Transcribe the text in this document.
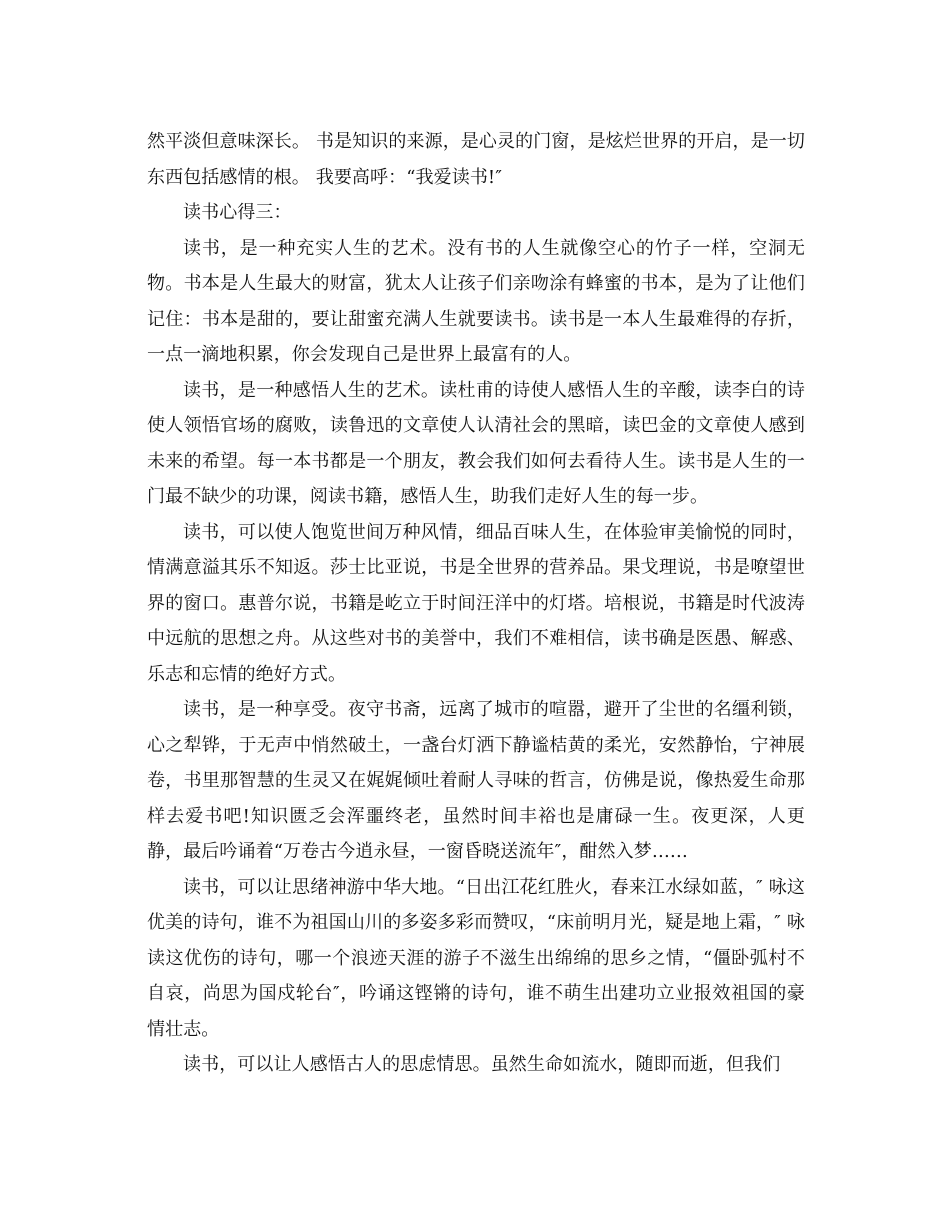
然平淡但意味深长。 书是知识的来源，是心灵的门窗，是炫烂世界的开启，是一切东西包括感情的根。 我要高呼：“我爱读书!″

读书心得三：

读书，是一种充实人生的艺术。没有书的人生就像空心的竹子一样，空洞无物。书本是人生最大的财富，犹太人让孩子们亲吻涂有蜂蜜的书本，是为了让他们记住：书本是甜的，要让甜蜜充满人生就要读书。读书是一本人生最难得的存折，一点一滴地积累，你会发现自己是世界上最富有的人。

读书，是一种感悟人生的艺术。读杜甫的诗使人感悟人生的辛酸，读李白的诗使人领悟官场的腐败，读鲁迅的文章使人认清社会的黑暗，读巴金的文章使人感到未来的希望。每一本书都是一个朋友，教会我们如何去看待人生。读书是人生的一门最不缺少的功课，阅读书籍，感悟人生，助我们走好人生的每一步。

读书，可以使人饱览世间万种风情，细品百味人生，在体验审美愉悦的同时，情满意溢其乐不知返。莎士比亚说，书是全世界的营养品。果戈理说，书是嘹望世界的窗口。惠普尔说，书籍是屹立于时间汪洋中的灯塔。培根说，书籍是时代波涛中远航的思想之舟。从这些对书的美誉中，我们不难相信，读书确是医愚、解惑、乐志和忘情的绝好方式。

读书，是一种享受。夜守书斋，远离了城市的喧嚣，避开了尘世的名缰利锁，心之犁铧，于无声中悄然破土，一盏台灯洒下静谧桔黄的柔光，安然静怡，宁神展卷，书里那智慧的生灵又在娓娓倾吐着耐人寻味的哲言，仿佛是说，像热爱生命那样去爱书吧!知识匮乏会浑噩终老，虽然时间丰裕也是庸碌一生。夜更深，人更静，最后吟诵着“万卷古今逍永昼，一窗昏晓送流年″，酣然入梦……

读书，可以让思绪神游中华大地。“日出江花红胜火，春来江水绿如蓝，″ 咏这优美的诗句，谁不为祖国山川的多姿多彩而赞叹，“床前明月光，疑是地上霜，″ 咏读这优伤的诗句，哪一个浪迹天涯的游子不滋生出绵绵的思乡之情，“僵卧弧村不自哀，尚思为国戍轮台″，吟诵这铿锵的诗句，谁不萌生出建功立业报效祖国的豪情壮志。

读书，可以让人感悟古人的思虑情思。虽然生命如流水，随即而逝，但我们
